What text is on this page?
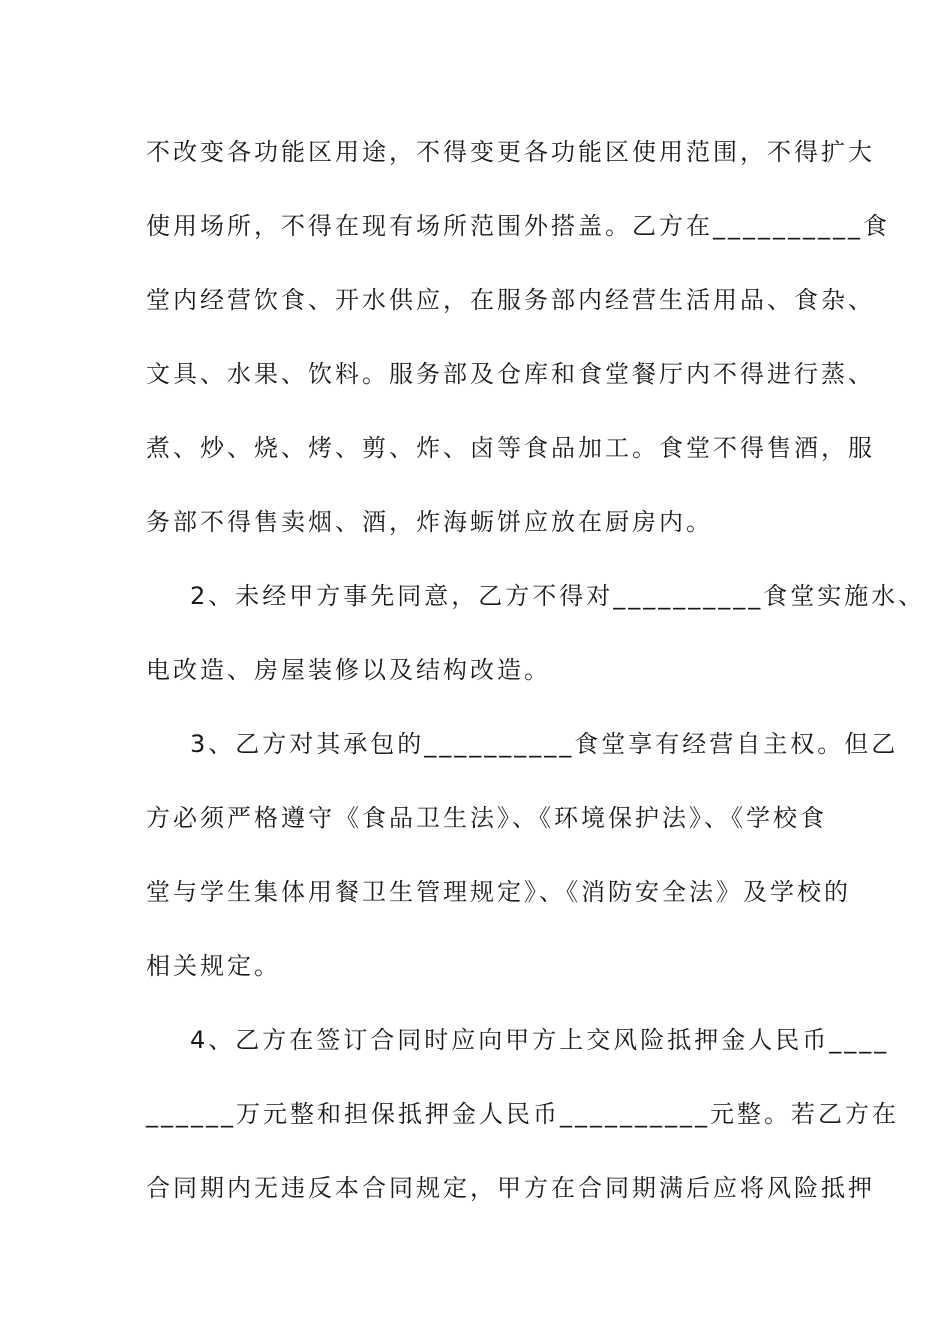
不改变各功能区用途，不得变更各功能区使用范围，不得扩大
使用场所，不得在现有场所范围外搭盖。乙方在__________食
堂内经营饮食、开水供应，在服务部内经营生活用品、食杂、
文具、水果、饮料。服务部及仓库和食堂餐厅内不得进行蒸、
煮、炒、烧、烤、剪、炸、卤等食品加工。食堂不得售酒，服
务部不得售卖烟、酒，炸海蛎饼应放在厨房内。
2、未经甲方事先同意，乙方不得对__________食堂实施水、
电改造、房屋装修以及结构改造。
3、乙方对其承包的__________食堂享有经营自主权。但乙
方必须严格遵守《食品卫生法》、《环境保护法》、《学校食
堂与学生集体用餐卫生管理规定》、《消防安全法》及学校的
相关规定。
4、乙方在签订合同时应向甲方上交风险抵押金人民币____
______万元整和担保抵押金人民币__________元整。若乙方在
合同期内无违反本合同规定，甲方在合同期满后应将风险抵押
